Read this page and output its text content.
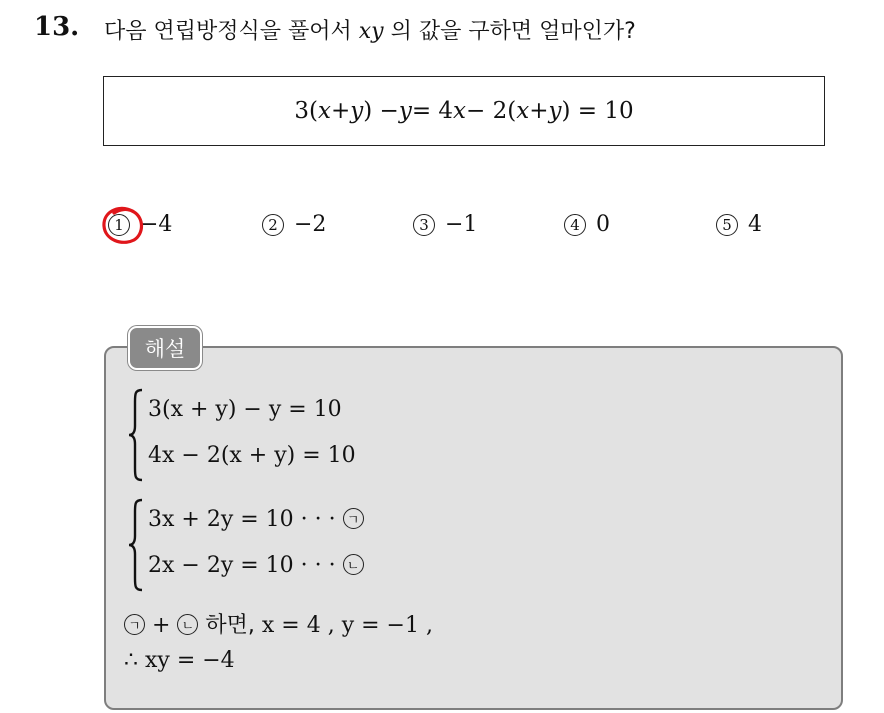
13. 다음 연립방정식을 풀어서 xy 의 값을 구하면 얼마인가?
3( x + y ) − y = 4 x − 2( x + y ) = 10
1 −4	2 −2	3 −1	4 0	5 4
해설
3(x + y) − y = 10
4x − 2(x + y) = 10
3x + 2y = 10 · · · ㄱ
2x − 2y = 10 · · · ㄴ
ㄱ + ㄴ 하면, x = 4 , y = −1 ,
∴ xy = −4
